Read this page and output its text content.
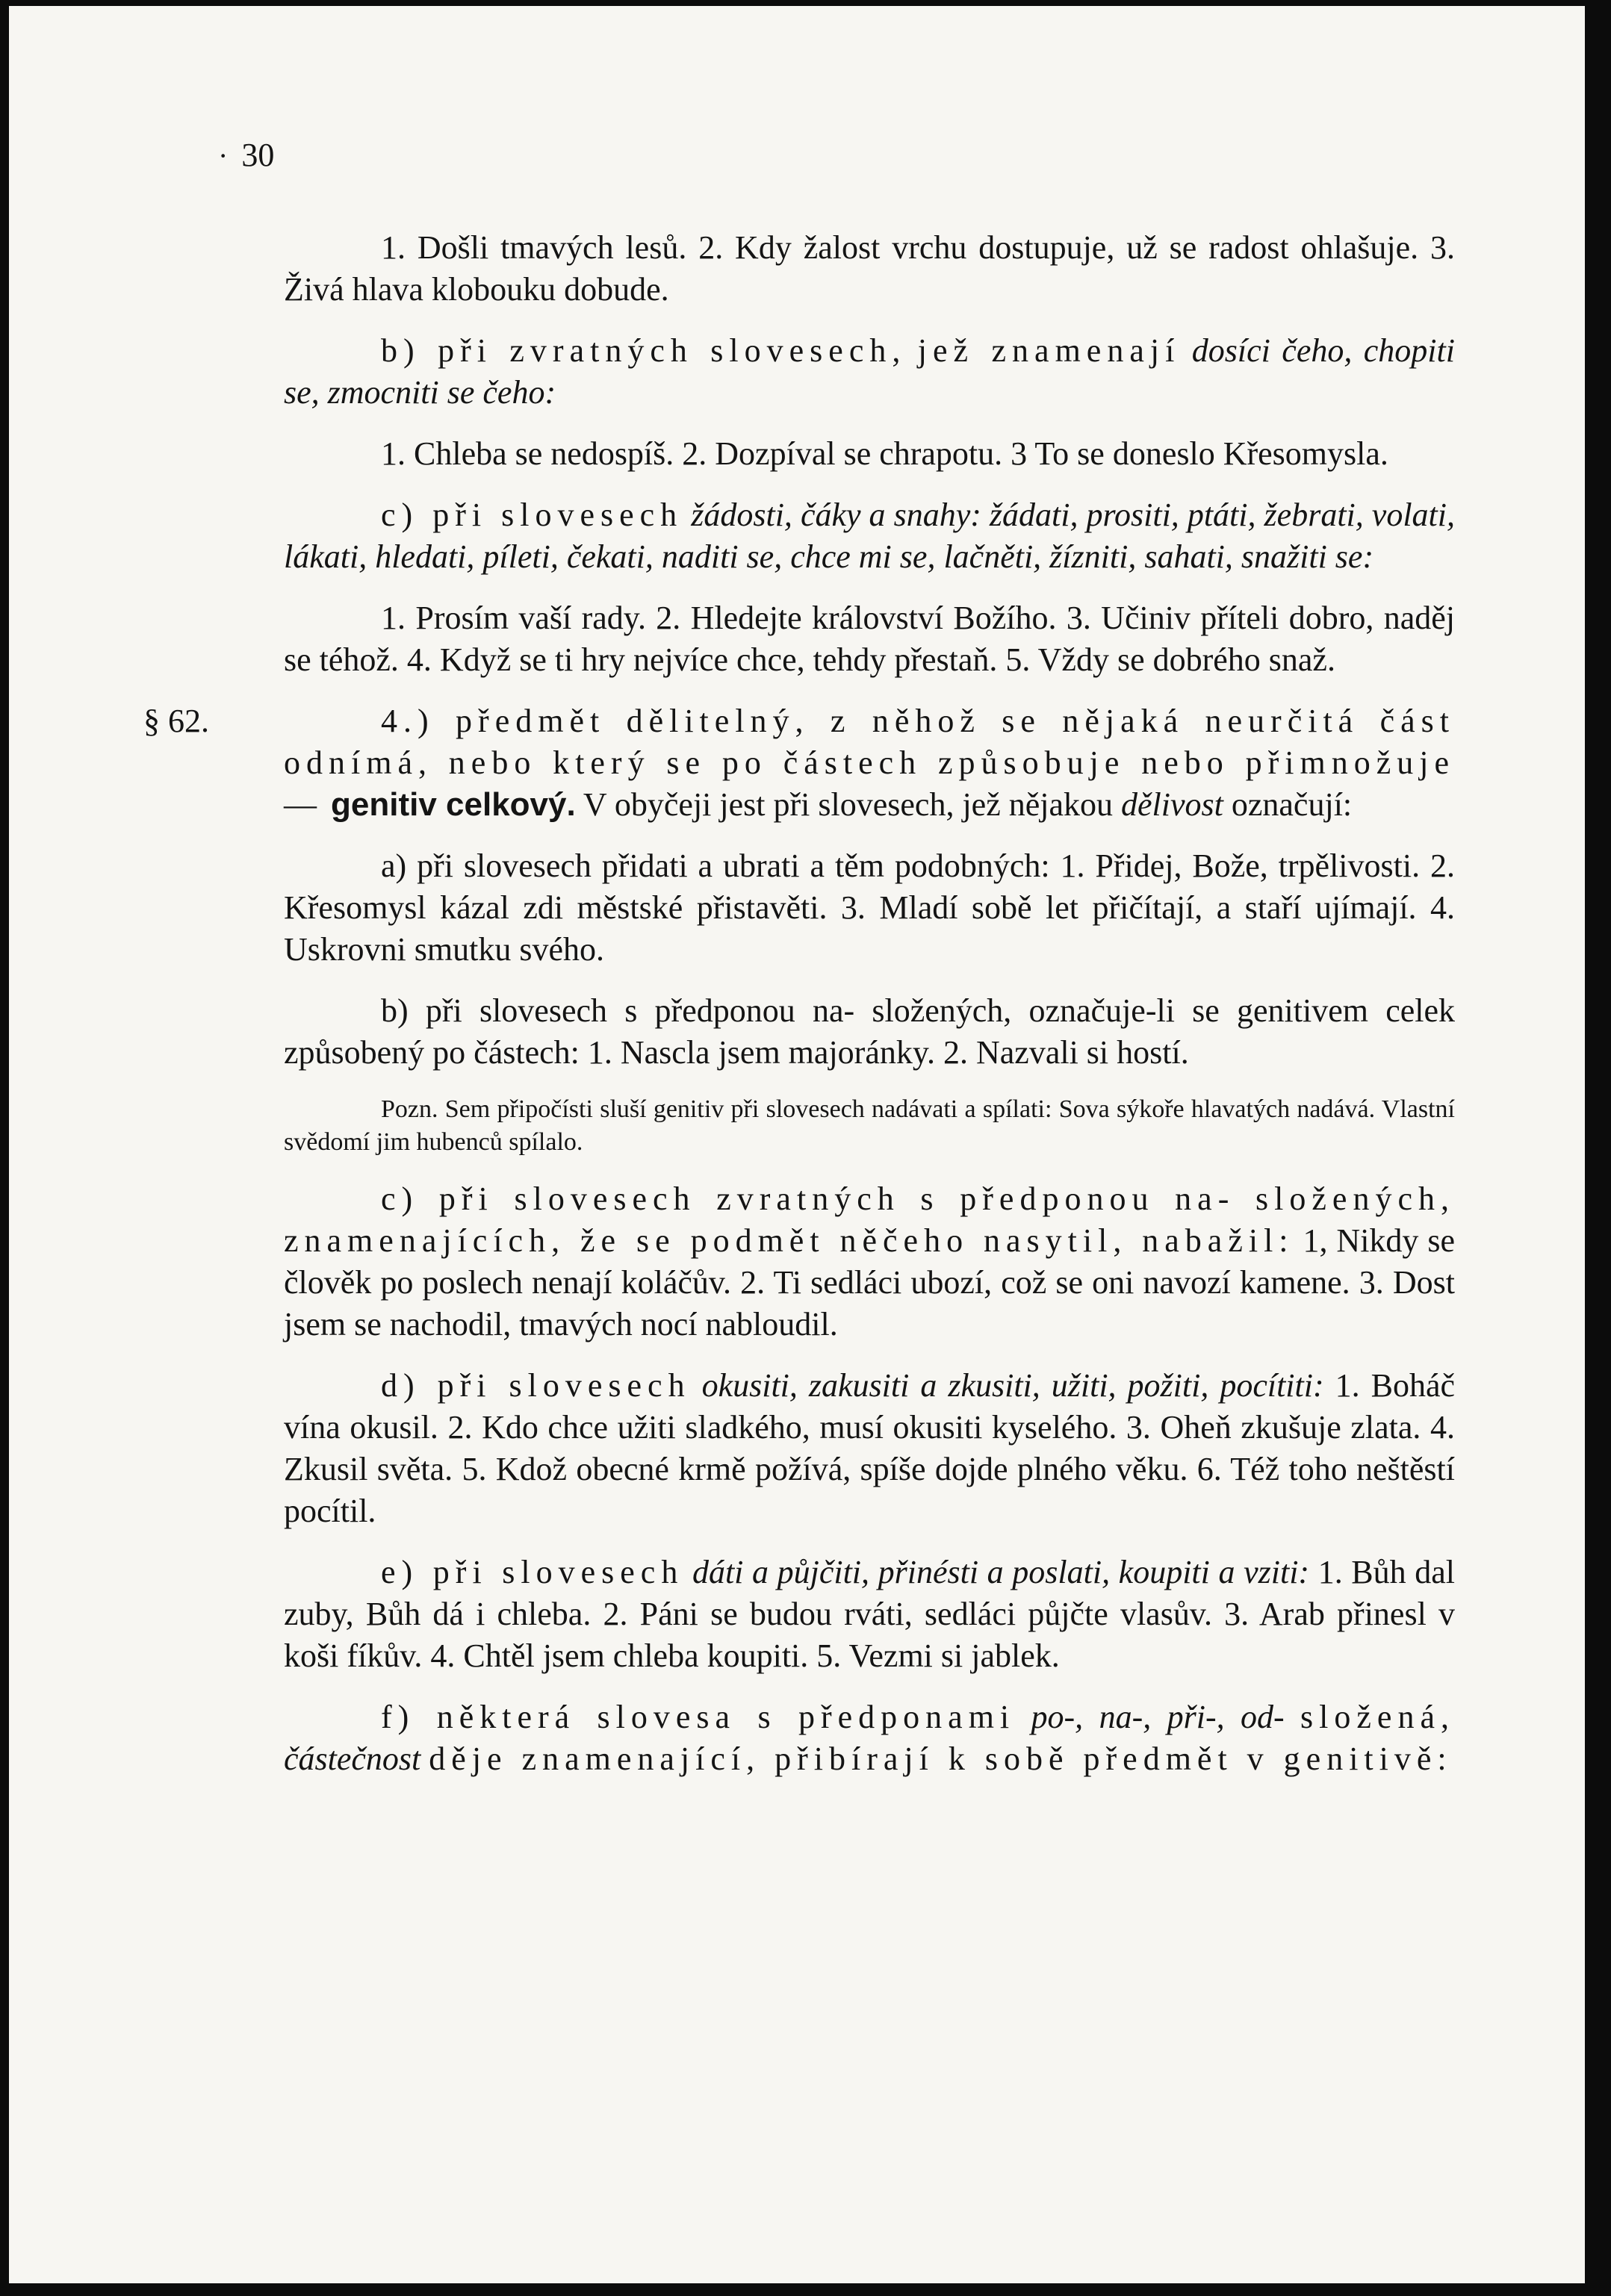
· 30

1. Došli tmavých lesů. 2. Kdy žalost vrchu dostupuje, už se radost ohlašuje. 3. Živá hlava klobouku dobude.

b) při zvratných slovesech, jež znamenají dosíci čeho, chopiti se, zmocniti se čeho:

1. Chleba se nedospíš. 2. Dozpíval se chrapotu. 3 To se doneslo Křesomysla.

c) při slovesech žádosti, čáky a snahy: žádati, prositi, ptáti, žebrati, volati, lákati, hledati, píleti, čekati, naditi se, chce mi se, lačněti, žízniti, sahati, snažiti se:

1. Prosím vaší rady. 2. Hledejte království Božího. 3. Učiniv příteli dobro, naděj se téhož. 4. Když se ti hry nejvíce chce, tehdy přestaň. 5. Vždy se dobrého snaž.

§ 62.	4.) předmět dělitelný, z něhož se nějaká neurčitá část odnímá, nebo který se po částech způsobuje nebo přimnožuje — genitiv celkový. V obyčeji jest při slovesech, jež nějakou dělivost označují:

a) při slovesech přidati a ubrati a těm podobných: 1. Přidej, Bože, trpělivosti. 2. Křesomysl kázal zdi městské přistavěti. 3. Mladí sobě let přičítají, a staří ujímají. 4. Uskrovni smutku svého.

b) při slovesech s předponou na- složených, označuje-li se genitivem celek způsobený po částech: 1. Nascla jsem majoránky. 2. Nazvali si hostí.

Pozn. Sem připočísti sluší genitiv při slovesech nadávati a spílati: Sova sýkoře hlavatých nadává. Vlastní svědomí jim hubenců spílalo.

c) při slovesech zvratných s předponou na- složených, znamenajících, že se podmět něčeho nasytil, nabažil: 1, Nikdy se člověk po poslech nenají koláčův. 2. Ti sedláci ubozí, což se oni navozí kamene. 3. Dost jsem se nachodil, tmavých nocí nabloudil.

d) při slovesech okusiti, zakusiti a zkusiti, užiti, požiti, pocítiti: 1. Boháč vína okusil. 2. Kdo chce užiti sladkého, musí okusiti kyselého. 3. Oheň zkušuje zlata. 4. Zkusil světa. 5. Kdož obecné krmě požívá, spíše dojde plného věku. 6. Též toho neštěstí pocítil.

e) při slovesech dáti a půjčiti, přinésti a poslati, koupiti a vziti: 1. Bůh dal zuby, Bůh dá i chleba. 2. Páni se budou rváti, sedláci půjčte vlasův. 3. Arab přinesl v koši fíkův. 4. Chtěl jsem chleba koupiti. 5. Vezmi si jablek.

f) některá slovesa s předponami po-, na-, při-, od- složená, částečnost děje znamenající, přibírají k sobě předmět v genitivě:
